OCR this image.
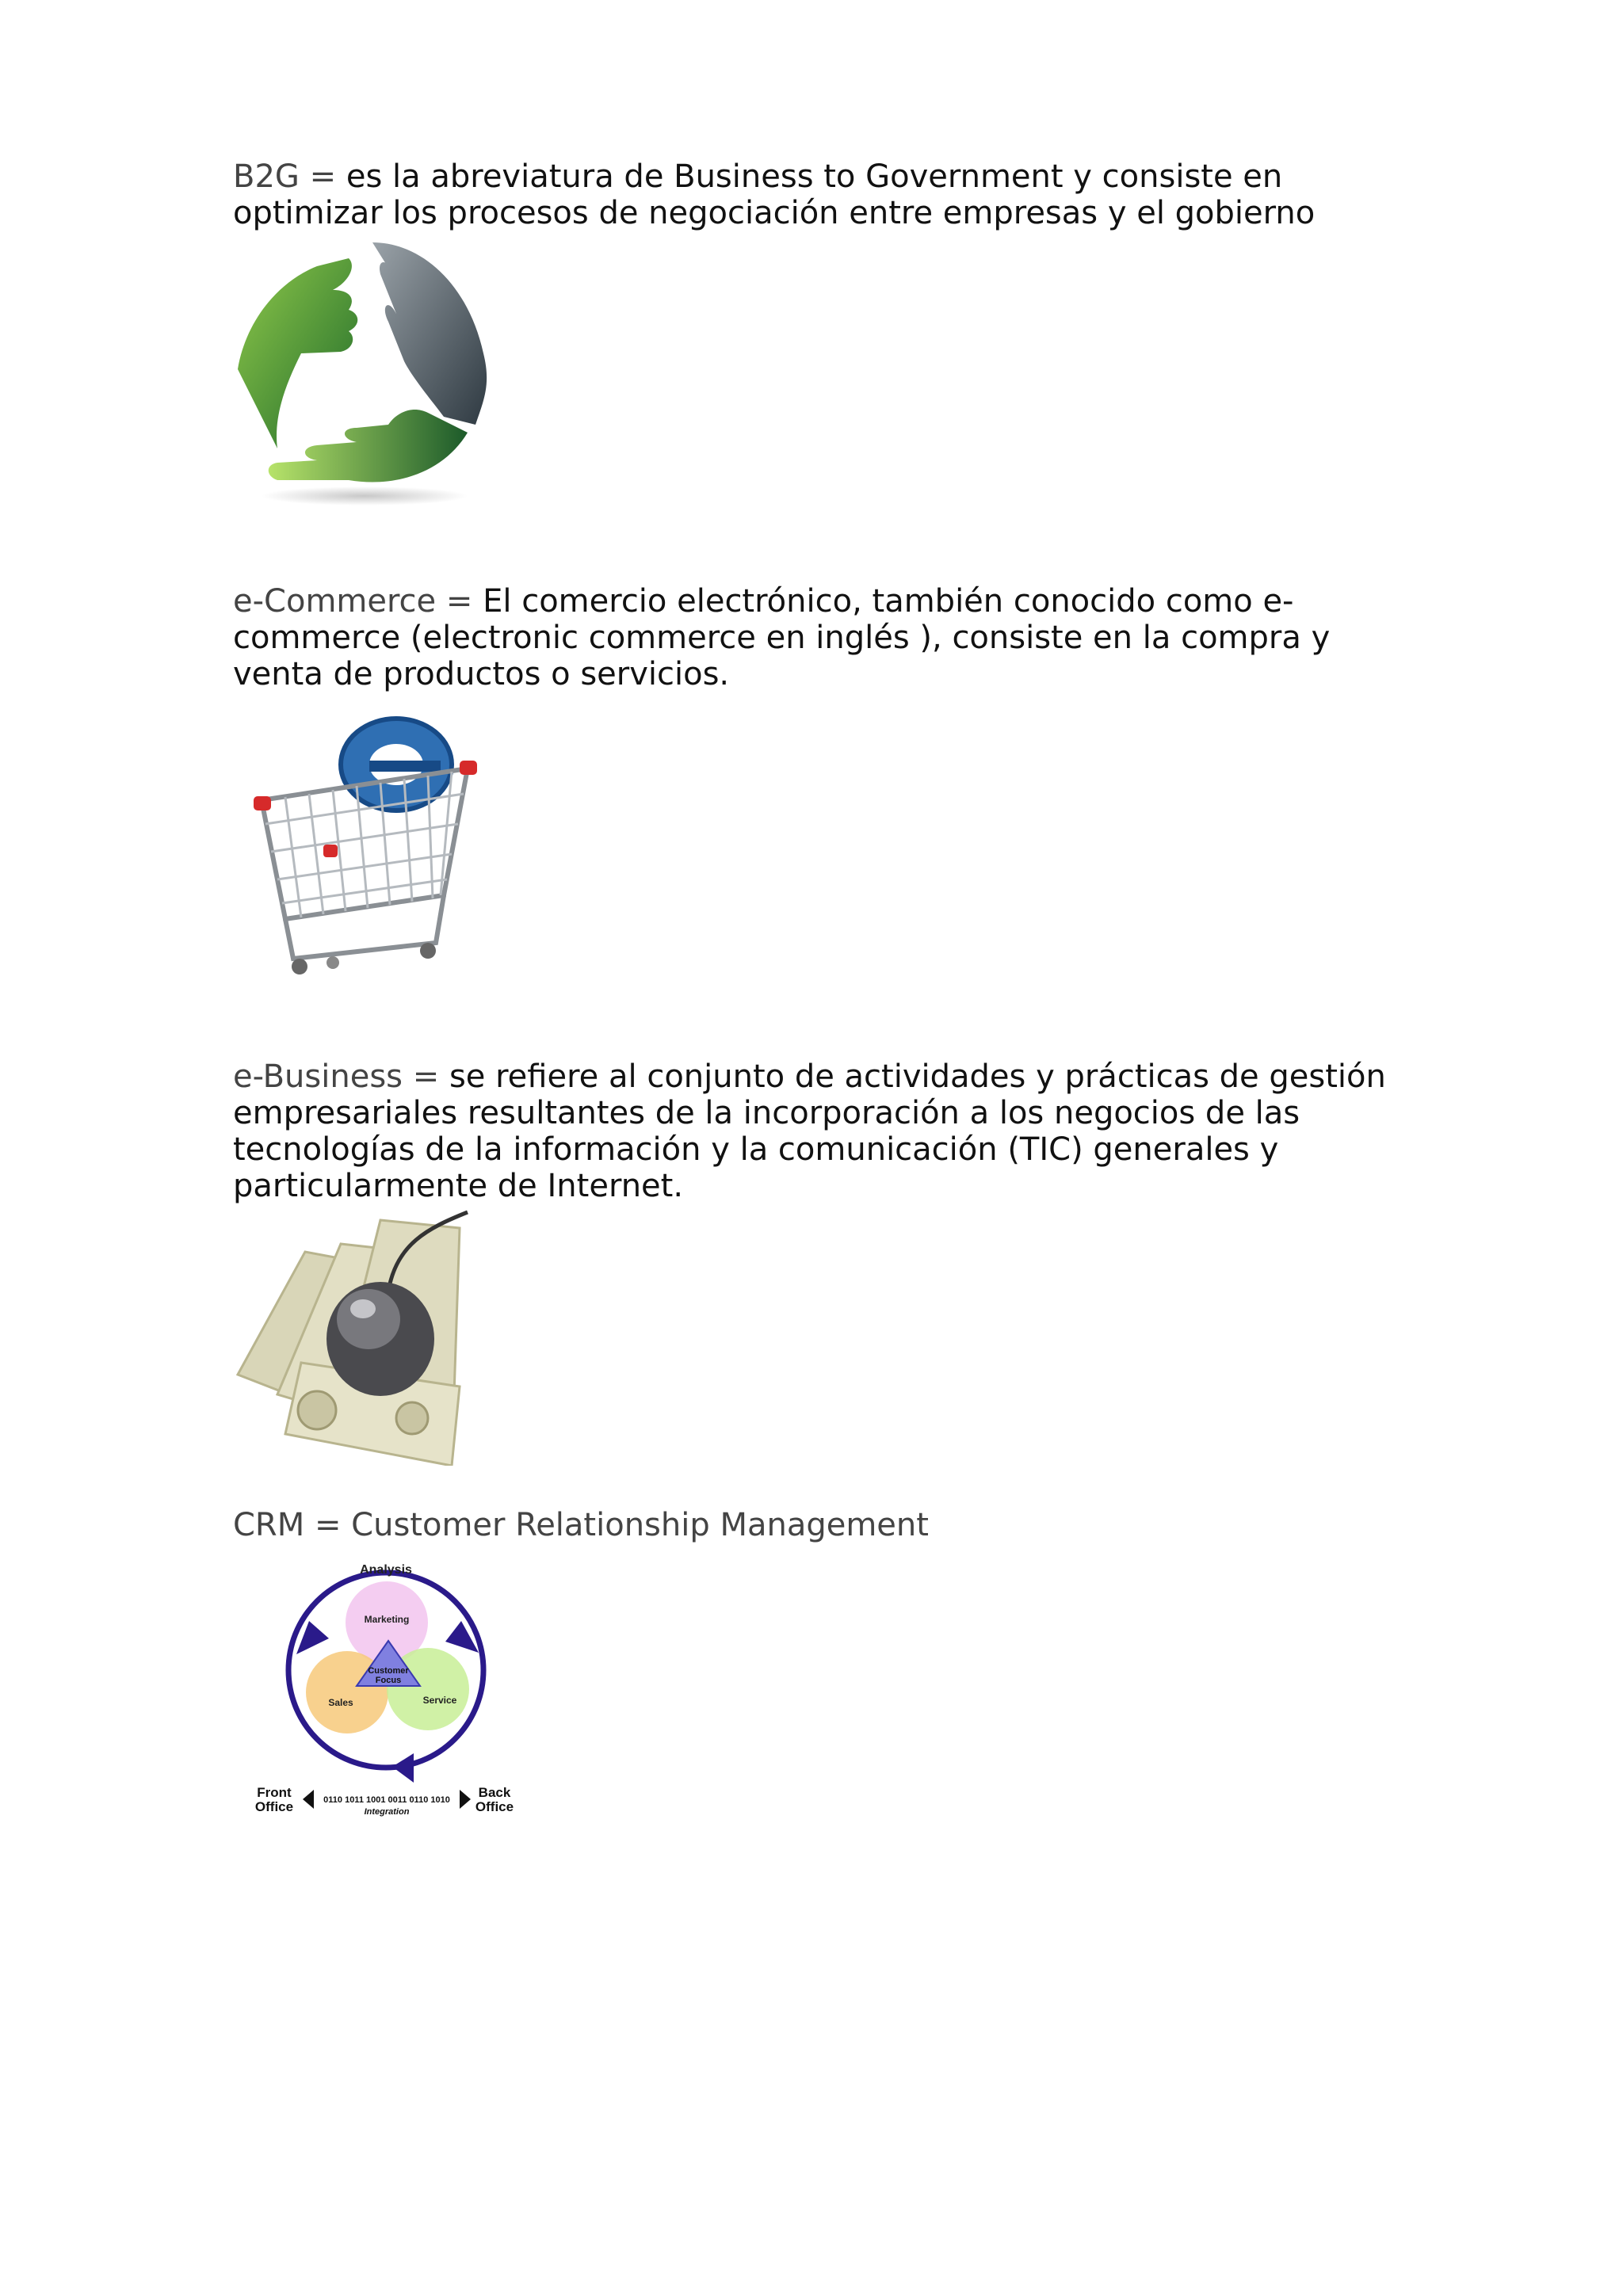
B2G = es la abreviatura de Business to Government y consiste en optimizar los procesos de negociación entre empresas y el gobierno
e-Commerce = El comercio electrónico, también conocido como e-commerce (electronic commerce en inglés ), consiste en la compra y venta de productos o servicios.
e-Business = se refiere al conjunto de actividades y prácticas de gestión empresariales resultantes de la incorporación a los negocios de las tecnologías de la información y la comunicación (TIC) generales y particularmente de Internet.
CRM = Customer Relationship Management
Analysis
Marketing
Sales	Service
Customer
Focus
Front
Office	0110 1011 1001 0011 0110 1010
Integration
Back
Office
